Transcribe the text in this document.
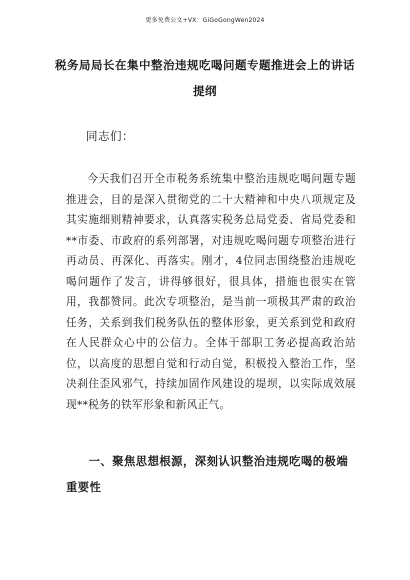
更多免费公文+VX：GiGoGongWen2024
税务局局长在集中整治违规吃喝问题专题推进会上的讲话提纲
同志们：

今天我们召开全市税务系统集中整治违规吃喝问题专题推进会，目的是深入贯彻党的二十大精神和中央八项规定及其实施细则精神要求，认真落实税务总局党委、省局党委和**市委、市政府的系列部署，对违规吃喝问题专项整治进行再动员、再深化、再落实。刚才，4位同志围绕整治违规吃喝问题作了发言，讲得够很好，很具体，措施也很实在管用，我都赞同。此次专项整治，是当前一项极其严肃的政治任务，关系到我们税务队伍的整体形象，更关系到党和政府在人民群众心中的公信力。全体干部职工务必提高政治站位，以高度的思想自觉和行动自觉，积极投入整治工作，坚决刹住歪风邪气，持续加固作风建设的堤坝，以实际成效展现**税务的铁军形象和新风正气。

一、聚焦思想根源，深刻认识整治违规吃喝的极端重要性
